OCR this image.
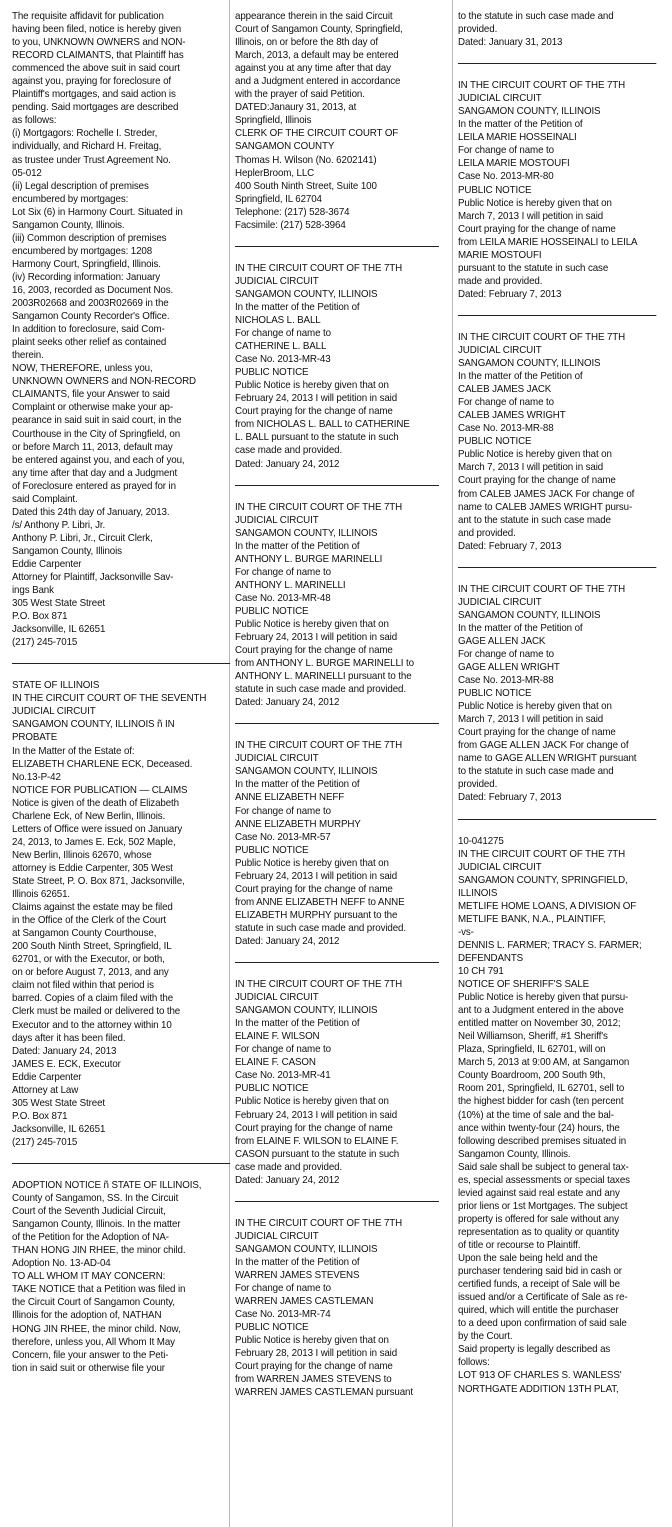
The requisite affidavit for publication
having been filed, notice is hereby given
to you, UNKNOWN OWNERS and NON-
RECORD CLAIMANTS, that Plaintiff has
commenced the above suit in said court
against you, praying for foreclosure of
Plaintiff's mortgages, and said action is
pending. Said mortgages are described
as follows:
(i) Mortgagors: Rochelle I. Streder,
individually, and Richard H. Freitag,
as trustee under Trust Agreement No.
05-012
(ii) Legal description of premises
encumbered by mortgages:
Lot Six (6) in Harmony Court. Situated in
Sangamon County, Illinois.
(iii) Common description of premises
encumbered by mortgages: 1208
Harmony Court, Springfield, Illinois.
(iv) Recording information: January
16, 2003, recorded as Document Nos.
2003R02668 and 2003R02669 in the
Sangamon County Recorder's Office.
In addition to foreclosure, said Com-
plaint seeks other relief as contained
therein.
NOW, THEREFORE, unless you,
UNKNOWN OWNERS and NON-RECORD
CLAIMANTS, file your Answer to said
Complaint or otherwise make your ap-
pearance in said suit in said court, in the
Courthouse in the City of Springfield, on
or before March 11, 2013, default may
be entered against you, and each of you,
any time after that day and a Judgment
of Foreclosure entered as prayed for in
said Complaint.
Dated this 24th day of January, 2013.
/s/ Anthony P. Libri, Jr.
Anthony P. Libri, Jr., Circuit Clerk,
Sangamon County, Illinois
Eddie Carpenter
Attorney for Plaintiff, Jacksonville Sav-
ings Bank
305 West State Street
P.O. Box 871
Jacksonville, IL 62651
(217) 245-7015
STATE OF ILLINOIS
IN THE CIRCUIT COURT OF THE SEVENTH
JUDICIAL CIRCUIT
SANGAMON COUNTY, ILLINOIS ñ IN
PROBATE
In the Matter of the Estate of:
ELIZABETH CHARLENE ECK, Deceased.
No.13-P-42
NOTICE FOR PUBLICATION — CLAIMS
Notice is given of the death of Elizabeth
Charlene Eck, of New Berlin, Illinois.
Letters of Office were issued on January
24, 2013, to James E. Eck, 502 Maple,
New Berlin, Illinois 62670, whose
attorney is Eddie Carpenter, 305 West
State Street, P. O. Box 871, Jacksonville,
Illinois 62651.
Claims against the estate may be filed
in the Office of the Clerk of the Court
at Sangamon County Courthouse,
200 South Ninth Street, Springfield, IL
62701, or with the Executor, or both,
on or before August 7, 2013, and any
claim not filed within that period is
barred. Copies of a claim filed with the
Clerk must be mailed or delivered to the
Executor and to the attorney within 10
days after it has been filed.
Dated: January 24, 2013
JAMES E. ECK, Executor
Eddie Carpenter
Attorney at Law
305 West State Street
P.O. Box 871
Jacksonville, IL 62651
(217) 245-7015
ADOPTION NOTICE ñ STATE OF ILLINOIS,
County of Sangamon, SS. In the Circuit
Court of the Seventh Judicial Circuit,
Sangamon County, Illinois. In the matter
of the Petition for the Adoption of NA-
THAN HONG JIN RHEE, the minor child.
Adoption No. 13-AD-04
TO ALL WHOM IT MAY CONCERN:
TAKE NOTICE that a Petition was filed in
the Circuit Court of Sangamon County,
Illinois for the adoption of, NATHAN
HONG JIN RHEE, the minor child. Now,
therefore, unless you, All Whom It May
Concern, file your answer to the Peti-
tion in said suit or otherwise file your
appearance therein in the said Circuit
Court of Sangamon County, Springfield,
Illinois, on or before the 8th day of
March, 2013, a default may be entered
against you at any time after that day
and a Judgment entered in accordance
with the prayer of said Petition.
DATED:Janaury 31, 2013, at
Springfield, Illinois
CLERK OF THE CIRCUIT COURT OF
SANGAMON COUNTY
Thomas H. Wilson (No. 6202141)
HeplerBroom, LLC
400 South Ninth Street, Suite 100
Springfield, IL 62704
Telephone: (217) 528-3674
Facsimile: (217) 528-3964
IN THE CIRCUIT COURT OF THE 7TH
JUDICIAL CIRCUIT
SANGAMON COUNTY, ILLINOIS
In the matter of the Petition of
NICHOLAS L. BALL
For change of name to
CATHERINE L. BALL
Case No. 2013-MR-43
PUBLIC NOTICE
Public Notice is hereby given that on
February 24, 2013 I will petition in said
Court praying for the change of name
from NICHOLAS L. BALL to CATHERINE
L. BALL pursuant to the statute in such
case made and provided.
Dated: January 24, 2012
IN THE CIRCUIT COURT OF THE 7TH
JUDICIAL CIRCUIT
SANGAMON COUNTY, ILLINOIS
In the matter of the Petition of
ANTHONY L. BURGE MARINELLI
For change of name to
ANTHONY L. MARINELLI
Case No. 2013-MR-48
PUBLIC NOTICE
Public Notice is hereby given that on
February 24, 2013 I will petition in said
Court praying for the change of name
from ANTHONY L. BURGE MARINELLI to
ANTHONY L. MARINELLI pursuant to the
statute in such case made and provided.
Dated: January 24, 2012
IN THE CIRCUIT COURT OF THE 7TH
JUDICIAL CIRCUIT
SANGAMON COUNTY, ILLINOIS
In the matter of the Petition of
ANNE ELIZABETH NEFF
For change of name to
ANNE ELIZABETH MURPHY
Case No. 2013-MR-57
PUBLIC NOTICE
Public Notice is hereby given that on
February 24, 2013 I will petition in said
Court praying for the change of name
from ANNE ELIZABETH NEFF to ANNE
ELIZABETH MURPHY pursuant to the
statute in such case made and provided.
Dated: January 24, 2012
IN THE CIRCUIT COURT OF THE 7TH
JUDICIAL CIRCUIT
SANGAMON COUNTY, ILLINOIS
In the matter of the Petition of
ELAINE F. WILSON
For change of name to
ELAINE F. CASON
Case No. 2013-MR-41
PUBLIC NOTICE
Public Notice is hereby given that on
February 24, 2013 I will petition in said
Court praying for the change of name
from ELAINE F. WILSON to ELAINE F.
CASON pursuant to the statute in such
case made and provided.
Dated: January 24, 2012
IN THE CIRCUIT COURT OF THE 7TH
JUDICIAL CIRCUIT
SANGAMON COUNTY, ILLINOIS
In the matter of the Petition of
WARREN JAMES STEVENS
For change of name to
WARREN JAMES CASTLEMAN
Case No. 2013-MR-74
PUBLIC NOTICE
Public Notice is hereby given that on
February 28, 2013 I will petition in said
Court praying for the change of name
from WARREN JAMES STEVENS to
WARREN JAMES CASTLEMAN pursuant
to the statute in such case made and
provided.
Dated: January 31, 2013
IN THE CIRCUIT COURT OF THE 7TH
JUDICIAL CIRCUIT
SANGAMON COUNTY, ILLINOIS
In the matter of the Petition of
LEILA MARIE HOSSEINALI
For change of name to
LEILA MARIE MOSTOUFI
Case No. 2013-MR-80
PUBLIC NOTICE
Public Notice is hereby given that on
March 7, 2013 I will petition in said
Court praying for the change of name
from LEILA MARIE HOSSEINALI to LEILA
MARIE MOSTOUFI
pursuant to the statute in such case
made and provided.
Dated: February 7, 2013
IN THE CIRCUIT COURT OF THE 7TH
JUDICIAL CIRCUIT
SANGAMON COUNTY, ILLINOIS
In the matter of the Petition of
CALEB JAMES JACK
For change of name to
CALEB JAMES WRIGHT
Case No. 2013-MR-88
PUBLIC NOTICE
Public Notice is hereby given that on
March 7, 2013 I will petition in said
Court praying for the change of name
from CALEB JAMES JACK For change of
name to CALEB JAMES WRIGHT pursu-
ant to the statute in such case made
and provided.
Dated: February 7, 2013
IN THE CIRCUIT COURT OF THE 7TH
JUDICIAL CIRCUIT
SANGAMON COUNTY, ILLINOIS
In the matter of the Petition of
GAGE ALLEN JACK
For change of name to
GAGE ALLEN WRIGHT
Case No. 2013-MR-88
PUBLIC NOTICE
Public Notice is hereby given that on
March 7, 2013 I will petition in said
Court praying for the change of name
from GAGE ALLEN JACK For change of
name to GAGE ALLEN WRIGHT pursuant
to the statute in such case made and
provided.
Dated: February 7, 2013
10-041275
IN THE CIRCUIT COURT OF THE 7TH
JUDICIAL CIRCUIT
SANGAMON COUNTY, SPRINGFIELD,
ILLINOIS
METLIFE HOME LOANS, A DIVISION OF
METLIFE BANK, N.A., PLAINTIFF,
-vs-
DENNIS L. FARMER; TRACY S. FARMER;
DEFENDANTS
10 CH 791
NOTICE OF SHERIFF'S SALE
Public Notice is hereby given that pursu-
ant to a Judgment entered in the above
entitled matter on November 30, 2012;
Neil Williamson, Sheriff, #1 Sheriff's
Plaza, Springfield, IL 62701, will on
March 5, 2013 at 9:00 AM, at Sangamon
County Boardroom, 200 South 9th,
Room 201, Springfield, IL 62701, sell to
the highest bidder for cash (ten percent
(10%) at the time of sale and the bal-
ance within twenty-four (24) hours, the
following described premises situated in
Sangamon County, Illinois.
Said sale shall be subject to general tax-
es, special assessments or special taxes
levied against said real estate and any
prior liens or 1st Mortgages. The subject
property is offered for sale without any
representation as to quality or quantity
of title or recourse to Plaintiff.
Upon the sale being held and the
purchaser tendering said bid in cash or
certified funds, a receipt of Sale will be
issued and/or a Certificate of Sale as re-
quired, which will entitle the purchaser
to a deed upon confirmation of said sale
by the Court.
Said property is legally described as
follows:
LOT 913 OF CHARLES S. WANLESS'
NORTHGATE ADDITION 13TH PLAT,
